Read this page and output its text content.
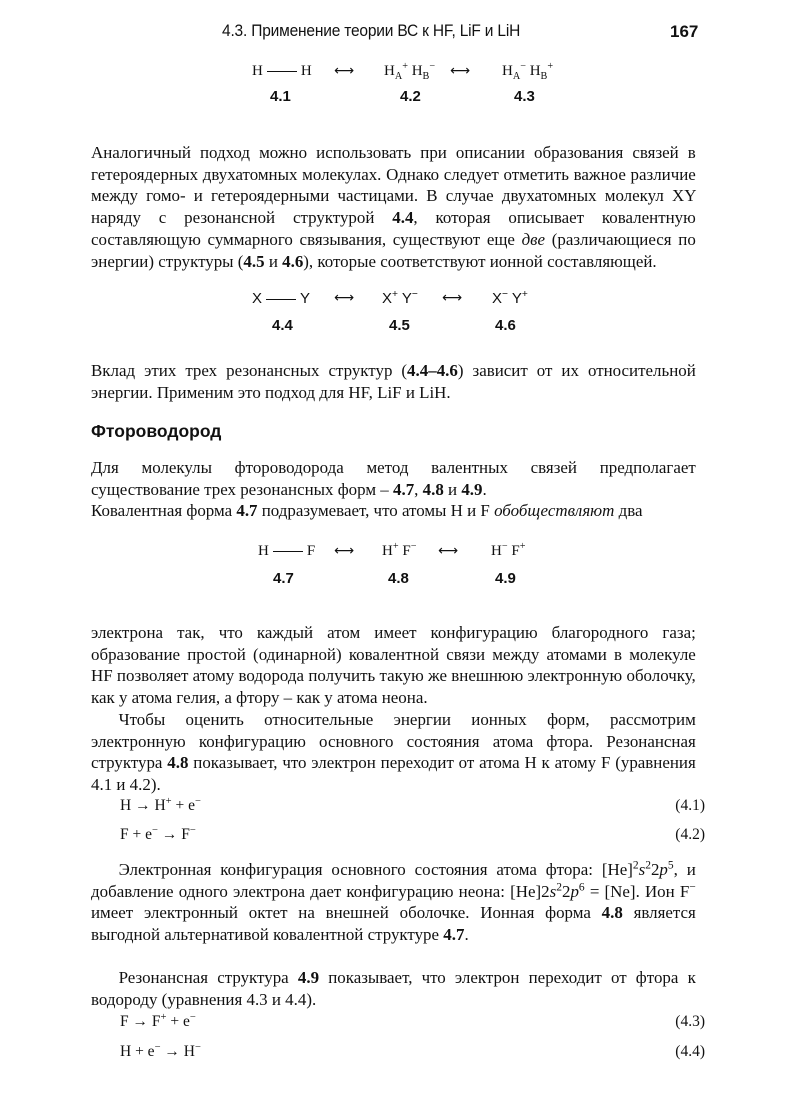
4.3. Применение теории ВС к HF, LiF и LiH	167
H	H ⟷ $H_A^+$ $H_B^-$ ⟷ $H_A^-$ $H_B^+$
4.1	4.2	4.3
Аналогичный подход можно использовать при описании образования связей в гетероядерных двухатомных молекулах. Однако следует отметить важное различие между гомо- и гетероядерными частицами. В случае двухатомных молекул XY наряду с резонансной структурой 4.4, которая описывает ковалентную составляющую суммарного связывания, существуют еще две (различающиеся по энергии) структуры (4.5 и 4.6), которые соответствуют ионной составляющей.
X	Y ⟷ X+ Y− ⟷ X− Y+
4.4	4.5	4.6
Вклад этих трех резонансных структур (4.4–4.6) зависит от их относительной энергии. Применим это подход для HF, LiF и LiH.
Фтороводород
Для молекулы фтороводорода метод валентных связей предполагает существование трех резонансных форм – 4.7, 4.8 и 4.9.
Ковалентная форма 4.7 подразумевает, что атомы H и F обобществляют два
H	F ⟷ H+ F− ⟷ H− F+
4.7	4.8	4.9
электрона так, что каждый атом имеет конфигурацию благородного газа; образование простой (одинарной) ковалентной связи между атомами в молекуле HF позволяет атому водорода получить такую же внешнюю электронную оболочку, как у атома гелия, а фтору – как у атома неона.
Чтобы оценить относительные энергии ионных форм, рассмотрим электронную конфигурацию основного состояния атома фтора. Резонансная структура 4.8 показывает, что электрон переходит от атома H к атому F (уравнения 4.1 и 4.2).
H → H+ + e−	(4.1)
F + e− → F−	(4.2)
Электронная конфигурация основного состояния атома фтора: $[He]^2s^22p^5$, и добавление одного электрона дает конфигурацию неона: $[He]2s^22p^6 = [Ne]$. Ион F− имеет электронный октет на внешней оболочке. Ионная форма 4.8 является выгодной альтернативой ковалентной структуре 4.7.
Резонансная структура 4.9 показывает, что электрон переходит от фтора к водороду (уравнения 4.3 и 4.4).
F → F+ + e−	(4.3)
H + e− → H−	(4.4)
